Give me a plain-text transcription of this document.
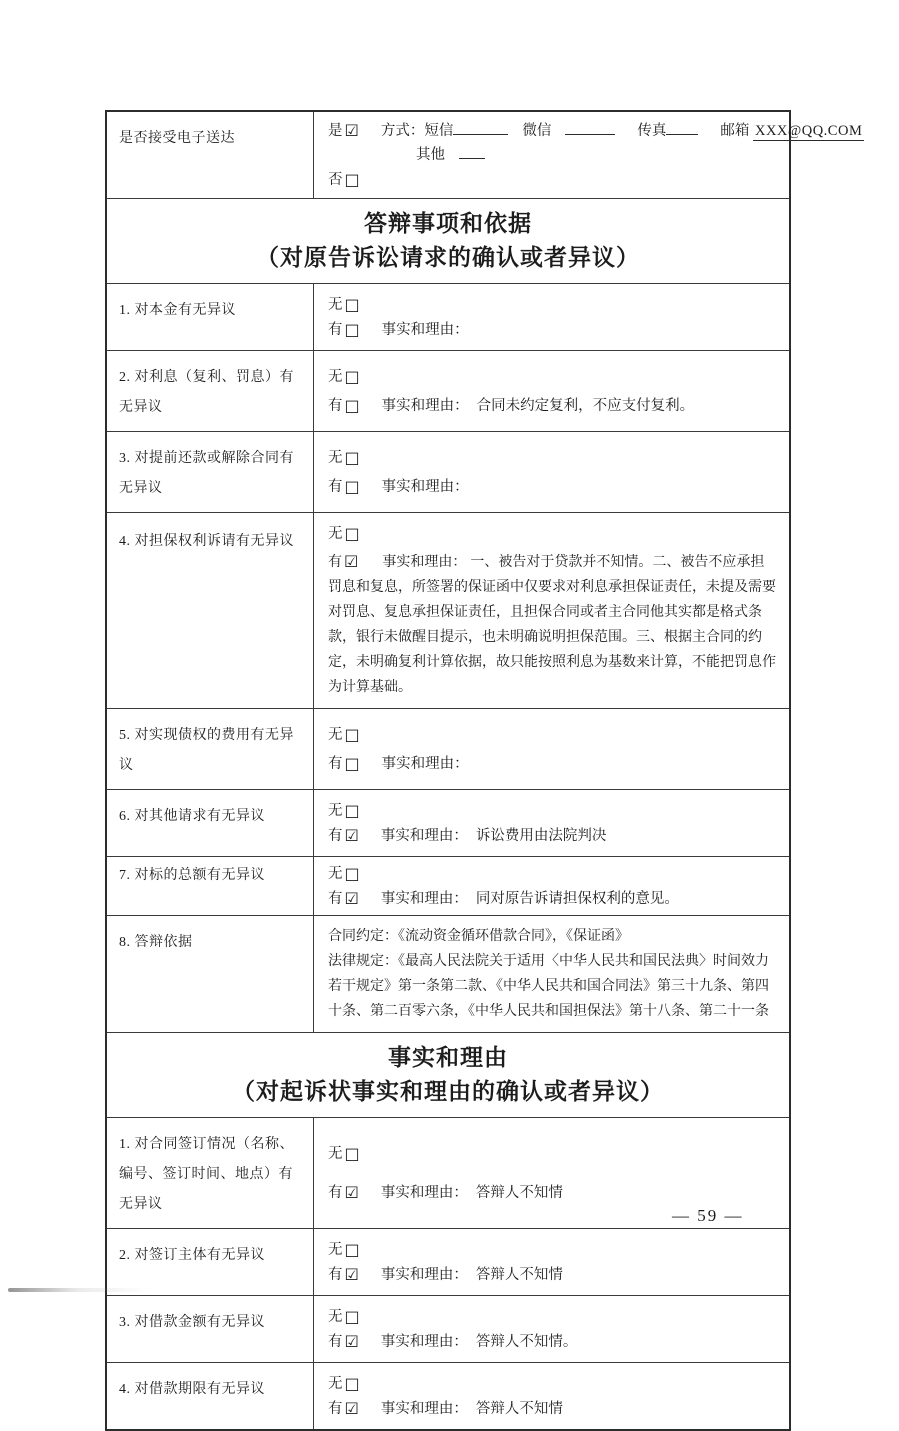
是否接受电子送达	是 ☑ 方式：短信	微信	传真	邮箱 XXX@QQ.COM
其他
否 □
答辩事项和依据
（对原告诉讼请求的确认或者异议）
1. 对本金有无异议	无 □
有 □ 事实和理由：
2. 对利息（复利、罚息）有无异议
无 □
有 □ 事实和理由： 合同未约定复利，不应支付复利。
3. 对提前还款或解除合同有无异议
无 □
有 □ 事实和理由：
4. 对担保权利诉请有无异议	无 □
有 ☑ 事实和理由： 一、被告对于贷款并不知情。二、被告不应承担罚息和复息，所签署的保证函中仅要求对利息承担保证责任，未提及需要对罚息、复息承担保证责任，且担保合同或者主合同他其实都是格式条款，银行未做醒目提示，也未明确说明担保范围。三、根据主合同的约定，未明确复利计算依据，故只能按照利息为基数来计算，不能把罚息作为计算基础。
5. 对实现债权的费用有无异议
无 □
有 □ 事实和理由：
6. 对其他请求有无异议	无 □
有 ☑ 事实和理由： 诉讼费用由法院判决
7. 对标的总额有无异议	无 □
有 ☑ 事实和理由： 同对原告诉请担保权利的意见。
8. 答辩依据	合同约定：《流动资金循环借款合同》，《保证函》
法律规定：《最高人民法院关于适用〈中华人民共和国民法典〉时间效力若干规定》第一条第二款、《中华人民共和国合同法》第三十九条、第四十条、第二百零六条，《中华人民共和国担保法》第十八条、第二十一条
事实和理由
（对起诉状事实和理由的确认或者异议）
1. 对合同签订情况（名称、编号、签订时间、地点）有无异议
无 □
有 ☑ 事实和理由： 答辩人不知情
2. 对签订主体有无异议	无 □
有 ☑ 事实和理由： 答辩人不知情
3. 对借款金额有无异议	无 □
有 ☑ 事实和理由： 答辩人不知情。
4. 对借款期限有无异议	无 □
有 ☑ 事实和理由： 答辩人不知情
— 59 —
